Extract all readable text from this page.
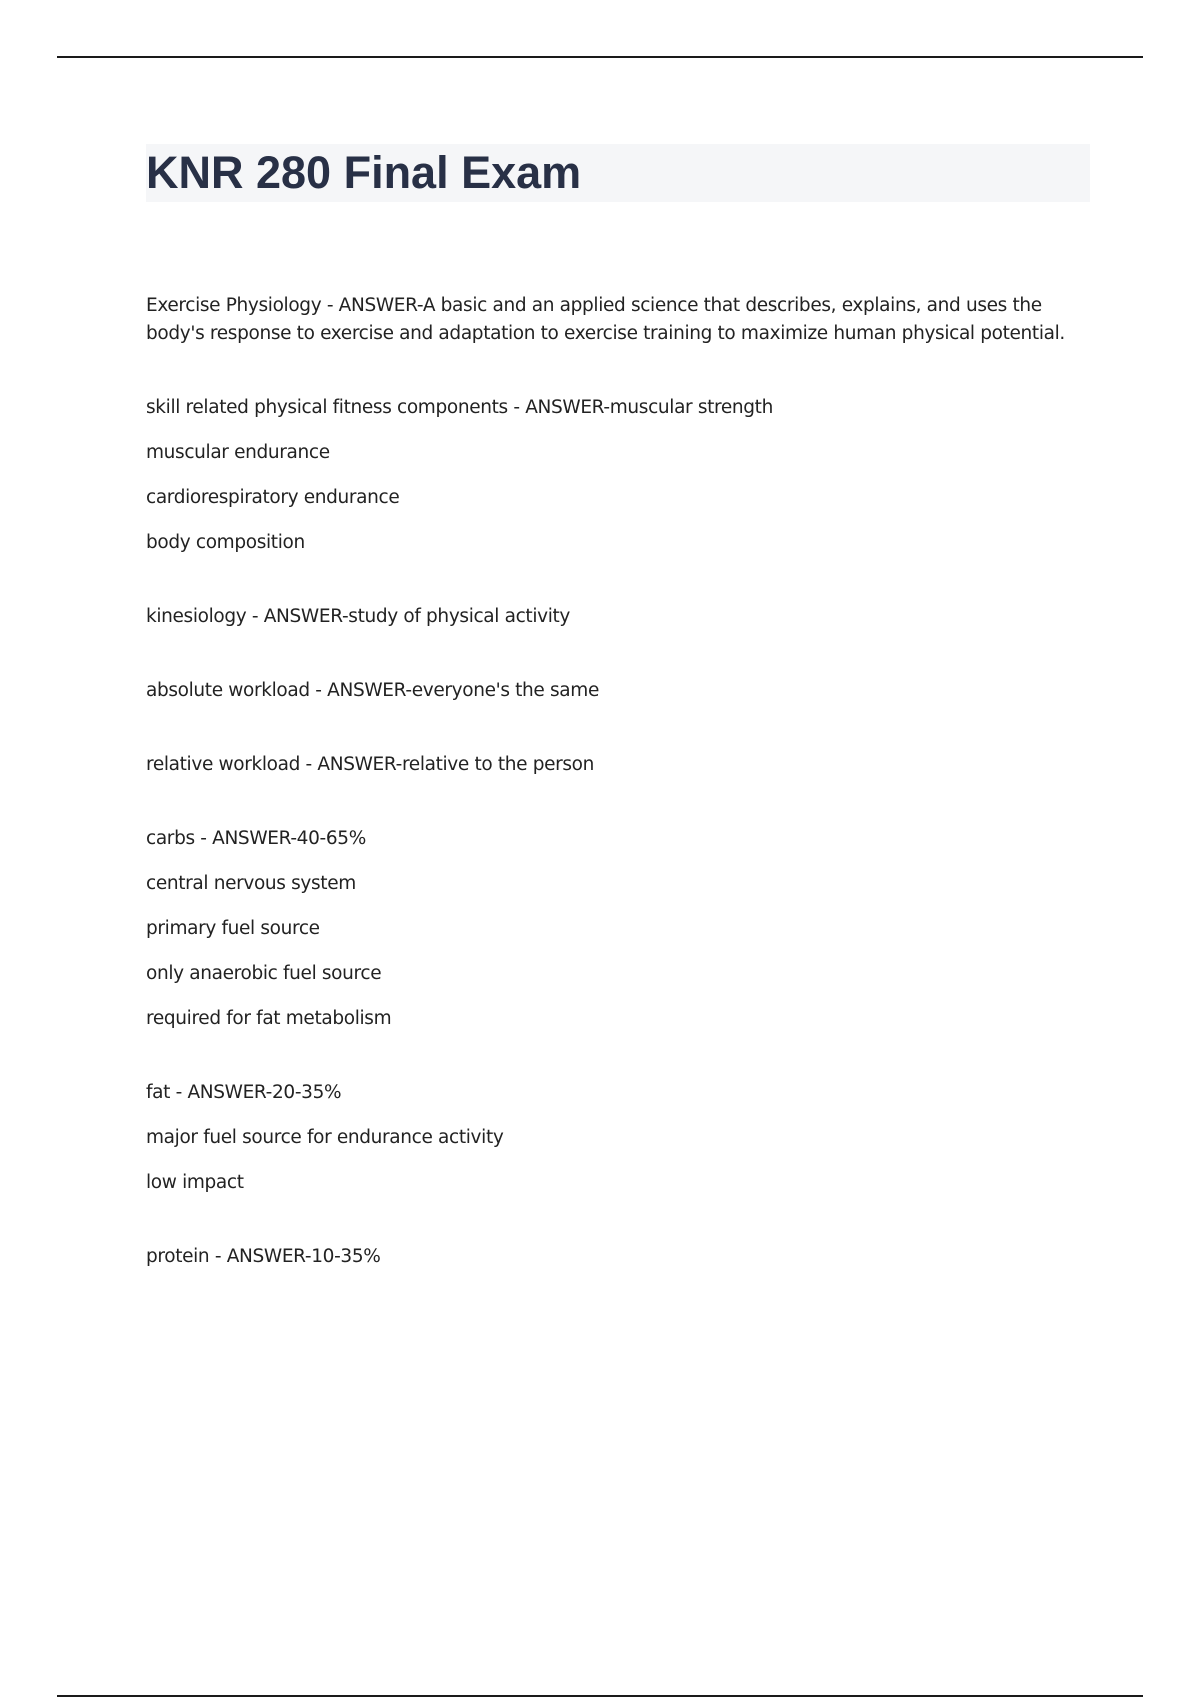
KNR 280 Final Exam

Exercise Physiology - ANSWER-A basic and an applied science that describes, explains, and uses the body's response to exercise and adaptation to exercise training to maximize human physical potential.

skill related physical fitness components - ANSWER-muscular strength

muscular endurance

cardiorespiratory endurance

body composition

kinesiology - ANSWER-study of physical activity

absolute workload - ANSWER-everyone's the same

relative workload - ANSWER-relative to the person

carbs - ANSWER-40-65%

central nervous system

primary fuel source

only anaerobic fuel source

required for fat metabolism

fat - ANSWER-20-35%

major fuel source for endurance activity

low impact

protein - ANSWER-10-35%
